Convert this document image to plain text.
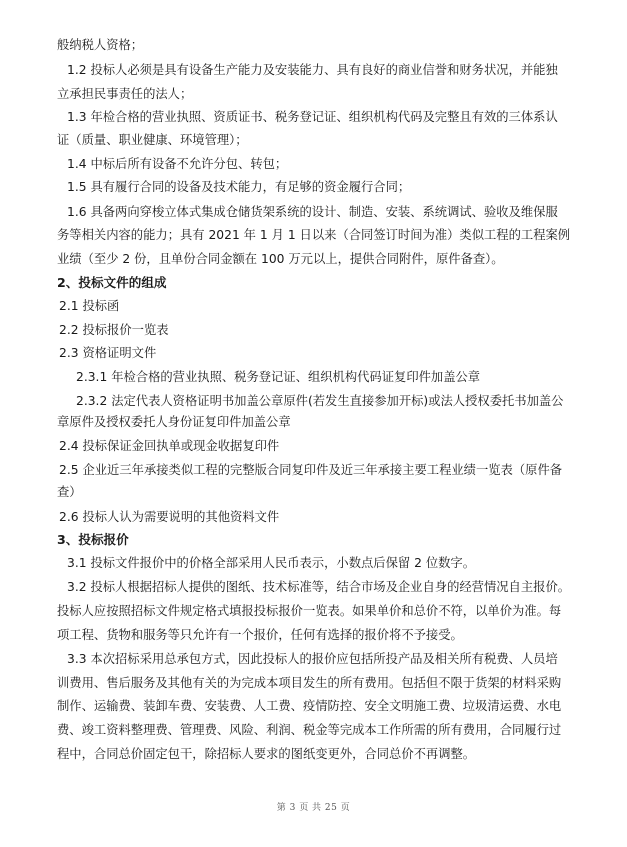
般纳税人资格；
1.2 投标人必须是具有设备生产能力及安装能力、具有良好的商业信誉和财务状况，并能独
立承担民事责任的法人；
1.3 年检合格的营业执照、资质证书、税务登记证、组织机构代码及完整且有效的三体系认
证（质量、职业健康、环境管理）；
1.4 中标后所有设备不允许分包、转包；
1.5 具有履行合同的设备及技术能力，有足够的资金履行合同；
1.6 具备两向穿梭立体式集成仓储货架系统的设计、制造、安装、系统调试、验收及维保服
务等相关内容的能力；具有 2021 年 1 月 1 日以来（合同签订时间为准）类似工程的工程案例
业绩（至少 2 份，且单份合同金额在 100 万元以上，提供合同附件，原件备查）。
2、投标文件的组成
2.1 投标函
2.2 投标报价一览表
2.3 资格证明文件
2.3.1 年检合格的营业执照、税务登记证、组织机构代码证复印件加盖公章
2.3.2 法定代表人资格证明书加盖公章原件(若发生直接参加开标)或法人授权委托书加盖公
章原件及授权委托人身份证复印件加盖公章
2.4 投标保证金回执单或现金收据复印件
2.5 企业近三年承接类似工程的完整版合同复印件及近三年承接主要工程业绩一览表（原件备
查）
2.6 投标人认为需要说明的其他资料文件
3、投标报价
3.1 投标文件报价中的价格全部采用人民币表示，小数点后保留 2 位数字。
3.2 投标人根据招标人提供的图纸、技术标准等，结合市场及企业自身的经营情况自主报价。
投标人应按照招标文件规定格式填报投标报价一览表。如果单价和总价不符，以单价为准。每
项工程、货物和服务等只允许有一个报价，任何有选择的报价将不予接受。
3.3 本次招标采用总承包方式，因此投标人的报价应包括所投产品及相关所有税费、人员培
训费用、售后服务及其他有关的为完成本项目发生的所有费用。包括但不限于货架的材料采购
制作、运输费、装卸车费、安装费、人工费、疫情防控、安全文明施工费、垃圾清运费、水电
费、竣工资料整理费、管理费、风险、利润、税金等完成本工作所需的所有费用，合同履行过
程中，合同总价固定包干，除招标人要求的图纸变更外，合同总价不再调整。
第 3 页 共 25 页
